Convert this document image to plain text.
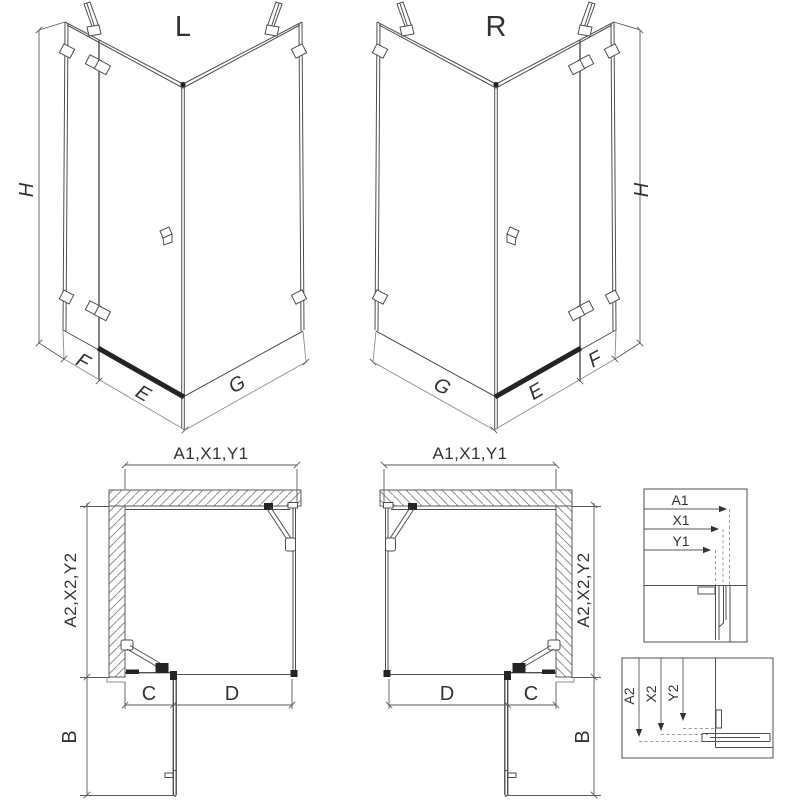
L
H
F
E	G
R
H
G	E
F
A1,X1,Y1
A2,X2,Y2
B
C	D
A1,X1,Y1
A2,X2,Y2
B
D	C
A1
X1
Y1
A2 X2 Y2
